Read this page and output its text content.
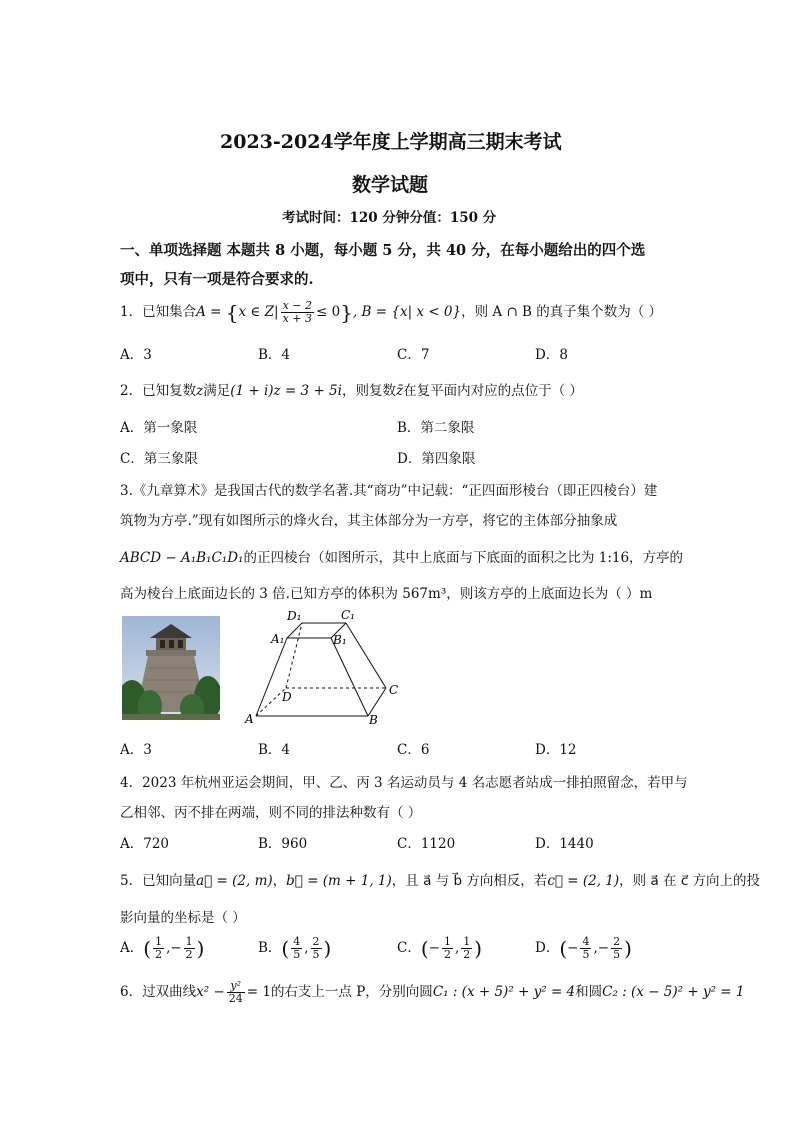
2023-2024学年度上学期高三期末考试
数学试题
考试时间：120 分钟分值：150 分
一、单项选择题 本题共 8 小题，每小题 5 分，共 40 分，在每小题给出的四个选
项中，只有一项是符合要求的.
1．已知集合A = {x ∈ $Z| \frac{x - 2}{x + 3} \le 0$}, B = {x| x < 0}，则 A ∩ B 的真子集个数为（ ）
A．3	B．4	C．7	D．8
2．已知复数z满足(1 + i)z = 3 + 5i，则复数z̄在复平面内对应的点位于（ ）
A．第一象限	B．第二象限
C．第三象限	D．第四象限
3.《九章算术》是我国古代的数学名著.其“商功”中记载：“正四面形棱台（即正四棱台）建
筑物为方亭.”现有如图所示的烽火台，其主体部分为一方亭，将它的主体部分抽象成
ABCD − A₁B₁C₁D₁的正四棱台（如图所示，其中上底面与下底面的面积之比为 1:16，方亭的
高为棱台上底面边长的 3 倍.已知方亭的体积为 567m³，则该方亭的上底面边长为（ ）m
D₁	C₁
A₁	B₁
D	C
A	B
A．3	B．4	C．6	D．12
4．2023 年杭州亚运会期间，甲、乙、丙 3 名运动员与 4 名志愿者站成一排拍照留念，若甲与
乙相邻、丙不排在两端，则不同的排法种数有（ ）
A．720	B．960	C．1120	D．1440
5．已知向量a⃗ = (2, m)，b⃗ = (m + 1, 1)，且 a⃗ 与 b⃗ 方向相反，若c⃗ = (2, 1)，则 a⃗ 在 c⃗ 方向上的投
影向量的坐标是（ ）
A．( $\frac{1}{2}$ ,− $\frac{1}{2}$ )	B．( $\frac{4}{5}$ , $\frac{2}{5}$ )	C．(− $\frac{1}{2}$ , $\frac{1}{2}$ )	D．(− $\frac{4}{5}$ ,− $\frac{2}{5}$ )
6．过双曲线$x^2 - \frac{\text{y²}}{24} = 1$的右支上一点 P，分别向圆C₁ : (x + 5)² + y² = 4和圆C₂ : (x − 5)² + y² = 1
